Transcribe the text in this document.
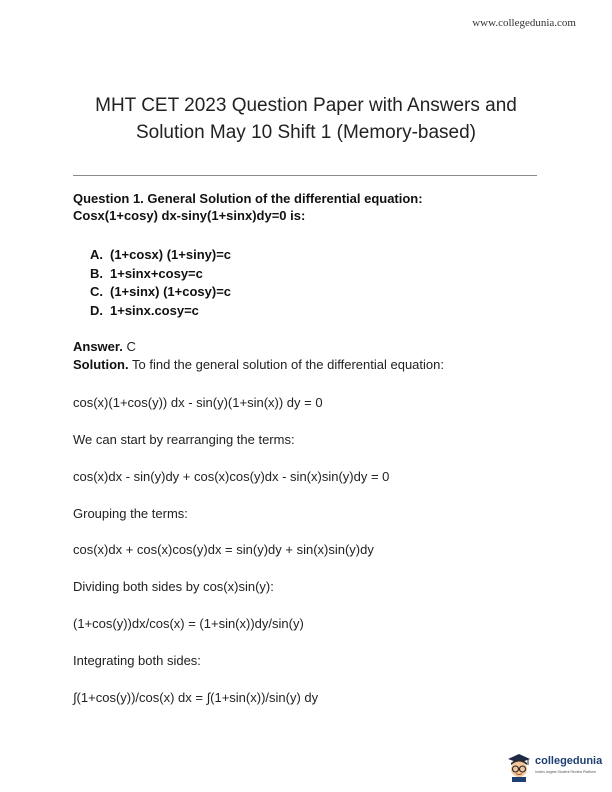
www.collegedunia.com
MHT CET 2023 Question Paper with Answers and
Solution May 10 Shift 1 (Memory-based)
Question 1. General Solution of the differential equation:
Cosx(1+cosy) dx-siny(1+sinx)dy=0 is:
A. (1+cosx) (1+siny)=c
B. 1+sinx+cosy=c
C. (1+sinx) (1+cosy)=c
D. 1+sinx.cosy=c
Answer. C
Solution. To find the general solution of the differential equation:
cos(x)(1+cos(y)) dx - sin(y)(1+sin(x)) dy = 0
We can start by rearranging the terms:
cos(x)dx - sin(y)dy + cos(x)cos(y)dx - sin(x)sin(y)dy = 0
Grouping the terms:
cos(x)dx + cos(x)cos(y)dx = sin(y)dy + sin(x)sin(y)dy
Dividing both sides by cos(x)sin(y):
(1+cos(y))dx/cos(x) = (1+sin(x))dy/sin(y)
Integrating both sides:
∫(1+cos(y))/cos(x) dx = ∫(1+sin(x))/sin(y) dy
collegedunia
India's largest Student Review Platform
